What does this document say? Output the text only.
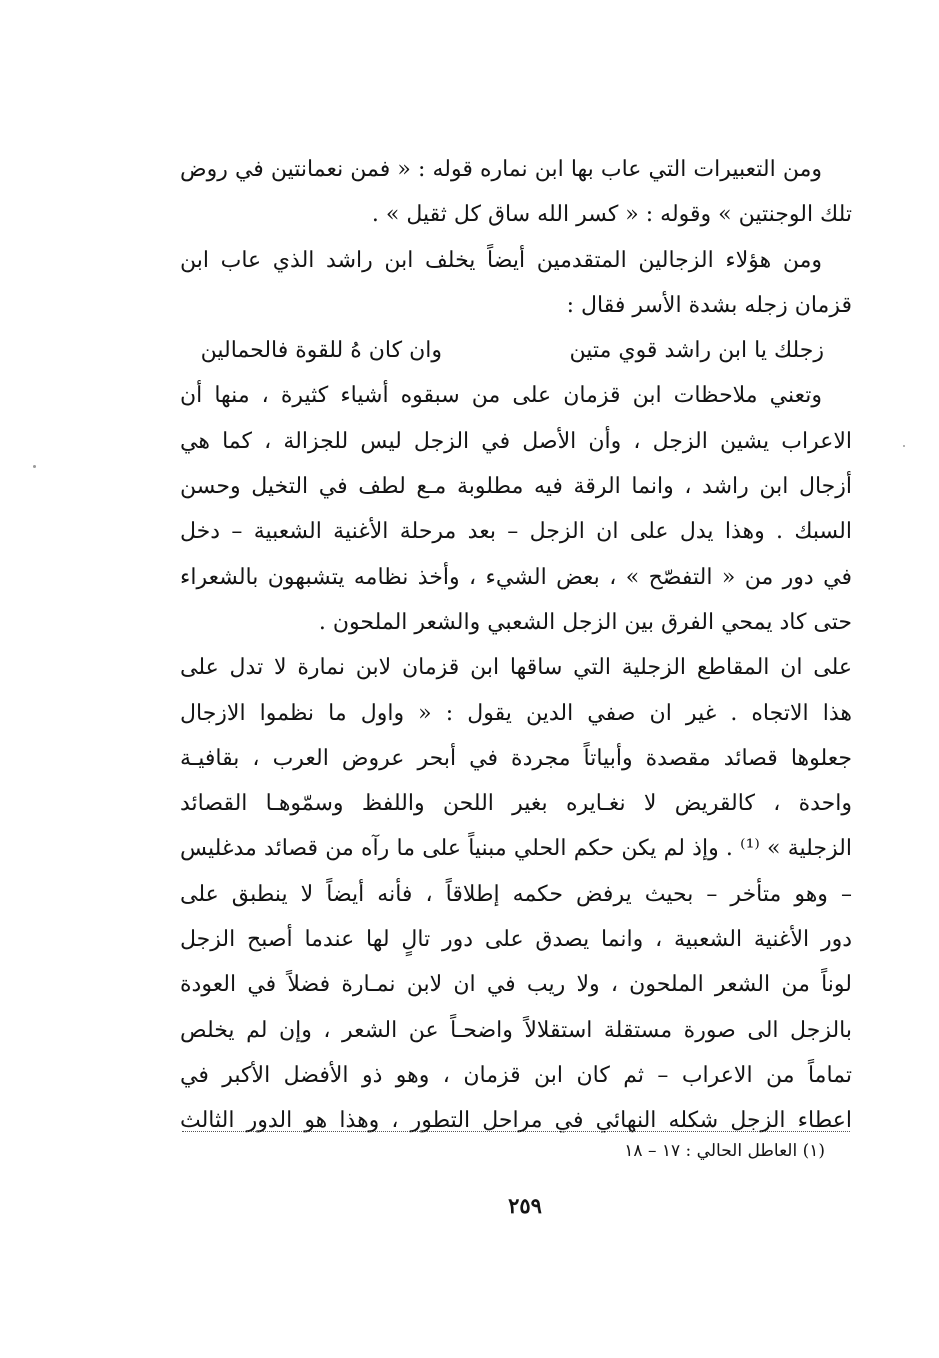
ومن التعبيرات التي عاب بها ابن نماره قوله : « فمن نعمانتين في روض
تلك الوجنتين » وقوله : « كسر الله ساق كل ثقيل » .
ومن هؤلاء الزجالين المتقدمين أيضاً يخلف ابن راشد الذي عاب ابن
قزمان زجله بشدة الأسر فقال :
زجلك يا ابن راشد قوي متين
وان كان هُ للقوة فالحمالين
وتعني ملاحظات ابن قزمان على من سبقوه أشياء كثيرة ، منها أن
الاعراب يشين الزجل ، وأن الأصل في الزجل ليس للجزالة ، كما هي
أزجال ابن راشد ، وانما الرقة فيه مطلوبة مـع لطف في التخيل وحسن
السبك . وهذا يدل على ان الزجل – بعد مرحلة الأغنية الشعبية – دخل
في دور من « التفصّح » ، بعض الشيء ، وأخذ نظامه يتشبهون بالشعراء
حتى كاد يمحي الفرق بين الزجل الشعبي والشعر الملحون .
على ان المقاطع الزجلية التي ساقها ابن قزمان لابن نمارة لا تدل على
هذا الاتجاه . غير ان صفي الدين يقول : « واول ما نظموا الازجال
جعلوها قصائد مقصدة وأبياتاً مجردة في أبحر عروض العرب ، بقافيـة
واحدة ، كالقريض لا نغـايره بغير اللحن واللفظ وسمّوهـا القصائد
الزجلية » ⁽¹⁾ . وإذ لم يكن حكم الحلي مبنياً على ما رآه من قصائد مدغليس
– وهو متأخر – بحيث يرفض حكمه إطلاقاً ، فأنه أيضاً لا ينطبق على
دور الأغنية الشعبية ، وانما يصدق على دور تالٍ لها عندما أصبح الزجل
لوناً من الشعر الملحون ، ولا ريب في ان لابن نمـارة فضلاً في العودة
بالزجل الى صورة مستقلة استقلالاً واضحـاً عن الشعر ، وإن لم يخلص
تماماً من الاعراب – ثم كان ابن قزمان ، وهو ذو الأفضل الأكبر في
اعطاء الزجل شكله النهائي في مراحل التطور ، وهذا هو الدور الثالث
(١) العاطل الحالي : ١٧ – ١٨
٢٥٩
